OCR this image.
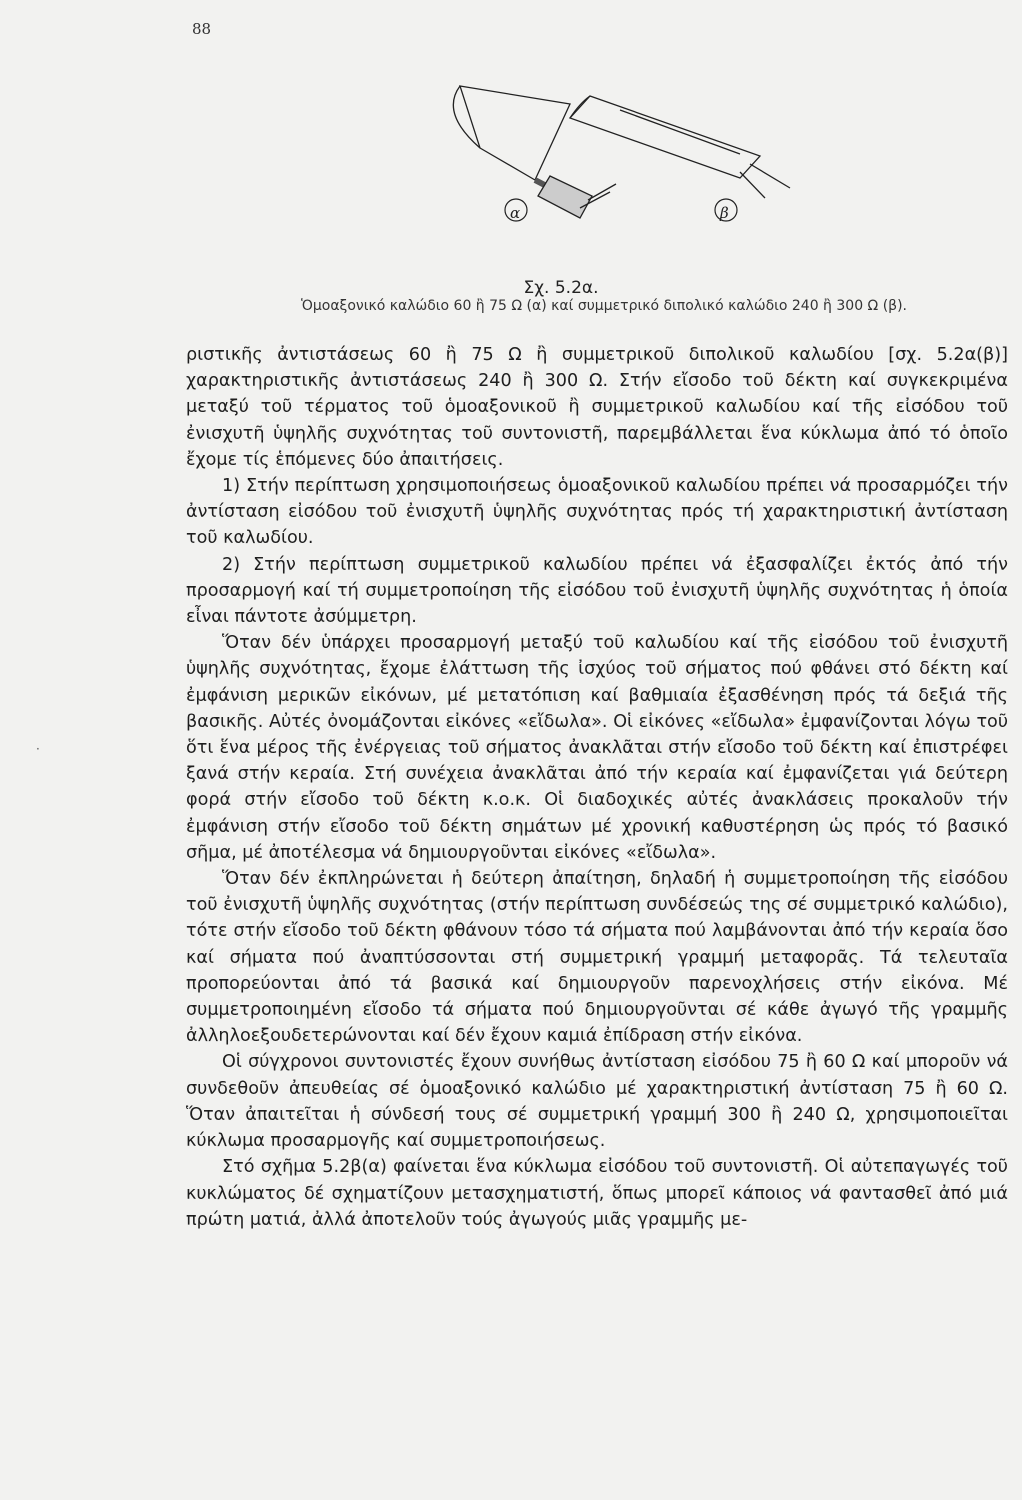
88
α	β
Σχ. 5.2α.
Ὁμοαξονικό καλώδιο 60 ἢ 75 Ω (α) καί συμμετρικό διπολικό καλώδιο 240 ἢ 300 Ω (β).

ριστικῆς ἀντιστάσεως 60 ἢ 75 Ω ἢ συμμετρικοῦ διπολικοῦ καλωδίου [σχ. 5.2α(β)] χαρακτηριστικῆς ἀντιστάσεως 240 ἢ 300 Ω. Στήν εἴσοδο τοῦ δέκτη καί συγκεκριμένα μεταξύ τοῦ τέρματος τοῦ ὁμοαξονικοῦ ἢ συμμετρικοῦ καλωδίου καί τῆς εἰσόδου τοῦ ἐνισχυτῆ ὑψηλῆς συχνότητας τοῦ συντονιστῆ, παρεμβάλλεται ἕνα κύκλωμα ἀπό τό ὁποῖο ἔχομε τίς ἑπόμενες δύο ἀπαιτήσεις.

1) Στήν περίπτωση χρησιμοποιήσεως ὁμοαξονικοῦ καλωδίου πρέπει νά προσαρμόζει τήν ἀντίσταση εἰσόδου τοῦ ἐνισχυτῆ ὑψηλῆς συχνότητας πρός τή χαρακτηριστική ἀντίσταση τοῦ καλωδίου.

2) Στήν περίπτωση συμμετρικοῦ καλωδίου πρέπει νά ἐξασφαλίζει ἐκτός ἀπό τήν προσαρμογή καί τή συμμετροποίηση τῆς εἰσόδου τοῦ ἐνισχυτῆ ὑψηλῆς συχνότητας ἡ ὁποία εἶναι πάντοτε ἀσύμμετρη.

Ὅταν δέν ὑπάρχει προσαρμογή μεταξύ τοῦ καλωδίου καί τῆς εἰσόδου τοῦ ἐνισχυτῆ ὑψηλῆς συχνότητας, ἔχομε ἐλάττωση τῆς ἰσχύος τοῦ σήματος πού φθάνει στό δέκτη καί ἐμφάνιση μερικῶν εἰκόνων, μέ μετατόπιση καί βαθμιαία ἐξασθένηση πρός τά δεξιά τῆς βασικῆς. Αὐτές ὀνομάζονται εἰκόνες «εἴδωλα». Οἱ εἰκόνες «εἴδωλα» ἐμφανίζονται λόγω τοῦ ὅτι ἕνα μέρος τῆς ἐνέργειας τοῦ σήματος ἀνακλᾶται στήν εἴσοδο τοῦ δέκτη καί ἐπιστρέφει ξανά στήν κεραία. Στή συνέχεια ἀνακλᾶται ἀπό τήν κεραία καί ἐμφανίζεται γιά δεύτερη φορά στήν εἴσοδο τοῦ δέκτη κ.ο.κ. Οἱ διαδοχικές αὐτές ἀνακλάσεις προκαλοῦν τήν ἐμφάνιση στήν εἴσοδο τοῦ δέκτη σημάτων μέ χρονική καθυστέρηση ὡς πρός τό βασικό σῆμα, μέ ἀποτέλεσμα νά δημιουργοῦνται εἰκόνες «εἴδωλα».

Ὅταν δέν ἐκπληρώνεται ἡ δεύτερη ἀπαίτηση, δηλαδή ἡ συμμετροποίηση τῆς εἰσόδου τοῦ ἐνισχυτῆ ὑψηλῆς συχνότητας (στήν περίπτωση συνδέσεώς της σέ συμμετρικό καλώδιο), τότε στήν εἴσοδο τοῦ δέκτη φθάνουν τόσο τά σήματα πού λαμβάνονται ἀπό τήν κεραία ὅσο καί σήματα πού ἀναπτύσσονται στή συμμετρική γραμμή μεταφορᾶς. Τά τελευταῖα προπορεύονται ἀπό τά βασικά καί δημιουργοῦν παρενοχλήσεις στήν εἰκόνα. Μέ συμμετροποιημένη εἴσοδο τά σήματα πού δημιουργοῦνται σέ κάθε ἀγωγό τῆς γραμμῆς ἀλληλοεξουδετερώνονται καί δέν ἔχουν καμιά ἐπίδραση στήν εἰκόνα.

Οἱ σύγχρονοι συντονιστές ἔχουν συνήθως ἀντίσταση εἰσόδου 75 ἢ 60 Ω καί μποροῦν νά συνδεθοῦν ἀπευθείας σέ ὁμοαξονικό καλώδιο μέ χαρακτηριστική ἀντίσταση 75 ἢ 60 Ω. Ὅταν ἀπαιτεῖται ἡ σύνδεσή τους σέ συμμετρική γραμμή 300 ἢ 240 Ω, χρησιμοποιεῖται κύκλωμα προσαρμογῆς καί συμμετροποιήσεως.

Στό σχῆμα 5.2β(α) φαίνεται ἕνα κύκλωμα εἰσόδου τοῦ συντονιστῆ. Οἱ αὐτεπαγωγές τοῦ κυκλώματος δέ σχηματίζουν μετασχηματιστή, ὅπως μπορεῖ κάποιος νά φαντασθεῖ ἀπό μιά πρώτη ματιά, ἀλλά ἀποτελοῦν τούς ἀγωγούς μιᾶς γραμμῆς με-

·
